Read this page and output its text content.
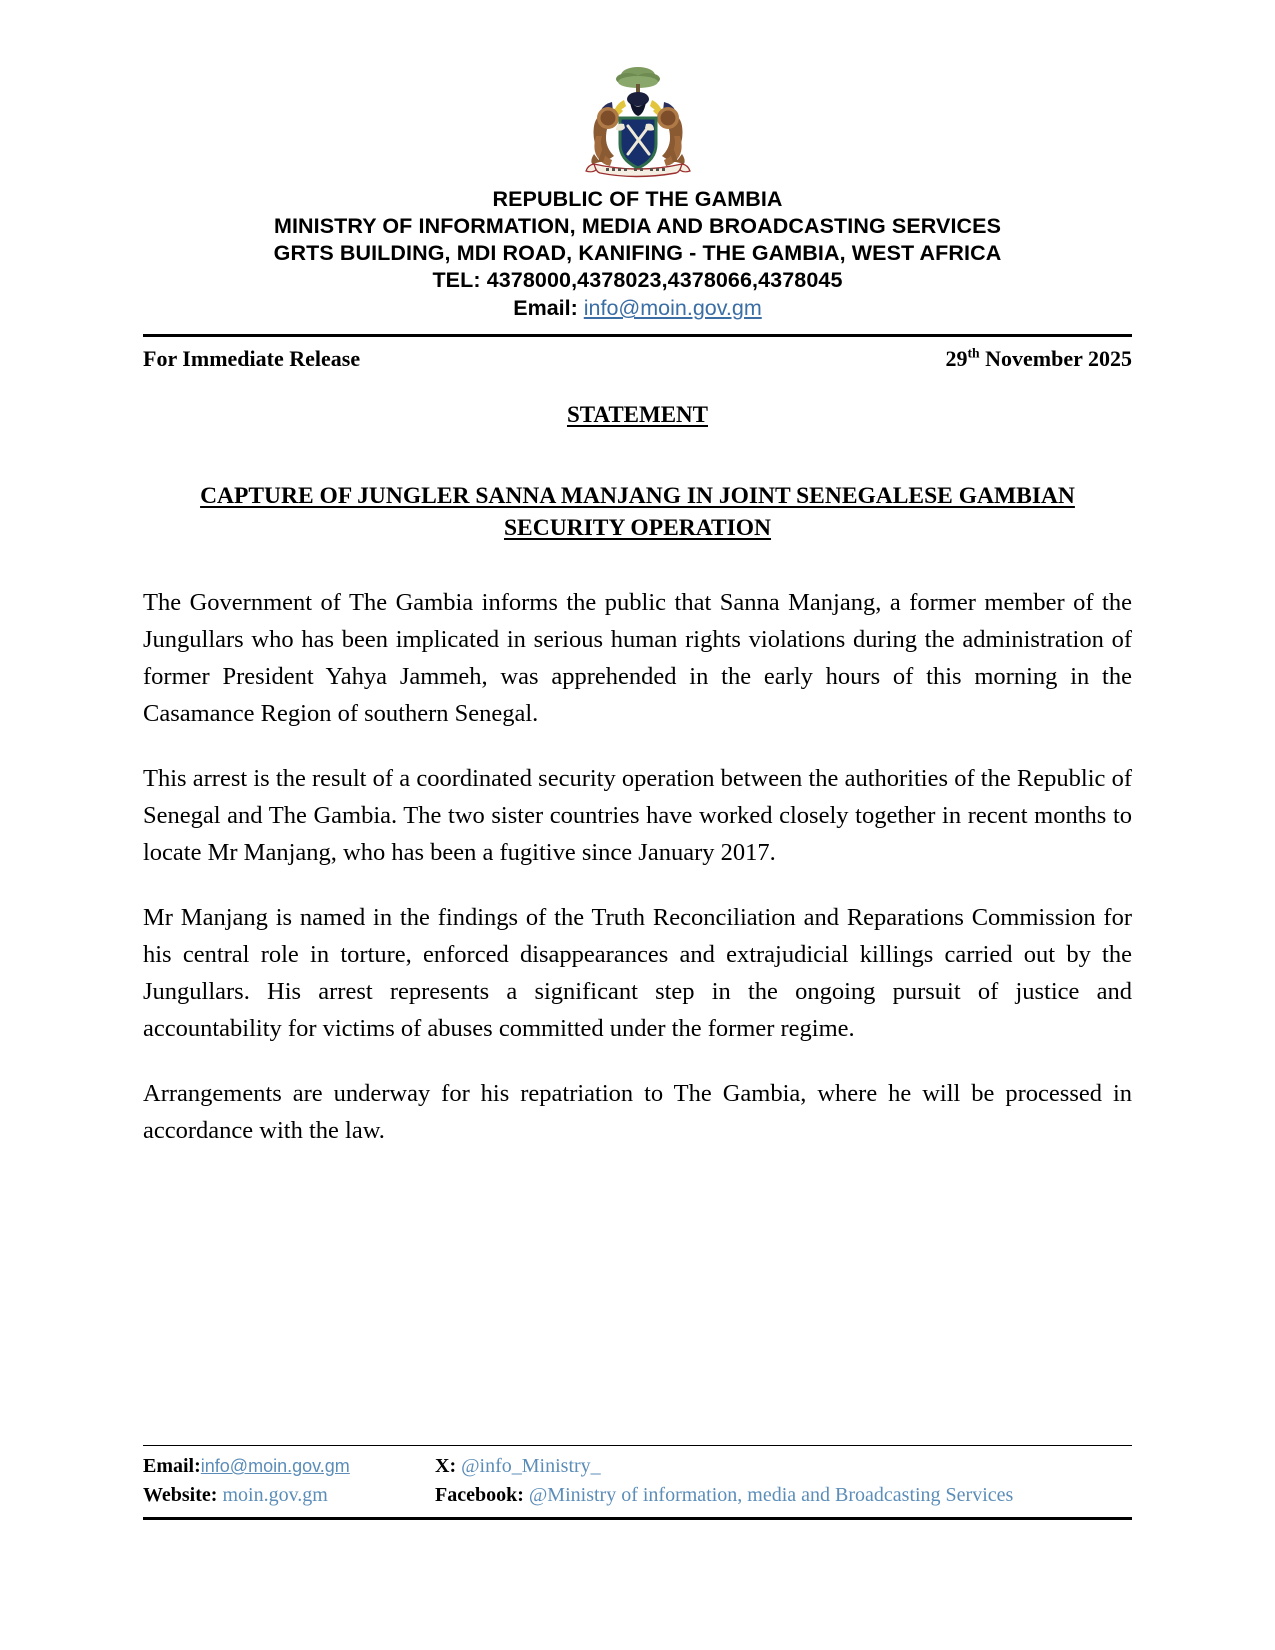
REPUBLIC OF THE GAMBIA
MINISTRY OF INFORMATION, MEDIA AND BROADCASTING SERVICES
GRTS BUILDING, MDI ROAD, KANIFING - THE GAMBIA, WEST AFRICA
TEL: 4378000,4378023,4378066,4378045
Email: info@moin.gov.gm
For Immediate Release	29th November 2025
STATEMENT
CAPTURE OF JUNGLER SANNA MANJANG IN JOINT SENEGALESE GAMBIAN
SECURITY OPERATION

The Government of The Gambia informs the public that Sanna Manjang, a former member of the Jungullars who has been implicated in serious human rights violations during the administration of former President Yahya Jammeh, was apprehended in the early hours of this morning in the Casamance Region of southern Senegal.

This arrest is the result of a coordinated security operation between the authorities of the Republic of Senegal and The Gambia. The two sister countries have worked closely together in recent months to locate Mr Manjang, who has been a fugitive since January 2017.

Mr Manjang is named in the findings of the Truth Reconciliation and Reparations Commission for his central role in torture, enforced disappearances and extrajudicial killings carried out by the Jungullars. His arrest represents a significant step in the ongoing pursuit of justice and accountability for victims of abuses committed under the former regime.

Arrangements are underway for his repatriation to The Gambia, where he will be processed in accordance with the law.

Email:info@moin.gov.gm	X: @info_Ministry_
Website: moin.gov.gm	Facebook: @Ministry of information, media and Broadcasting Services
